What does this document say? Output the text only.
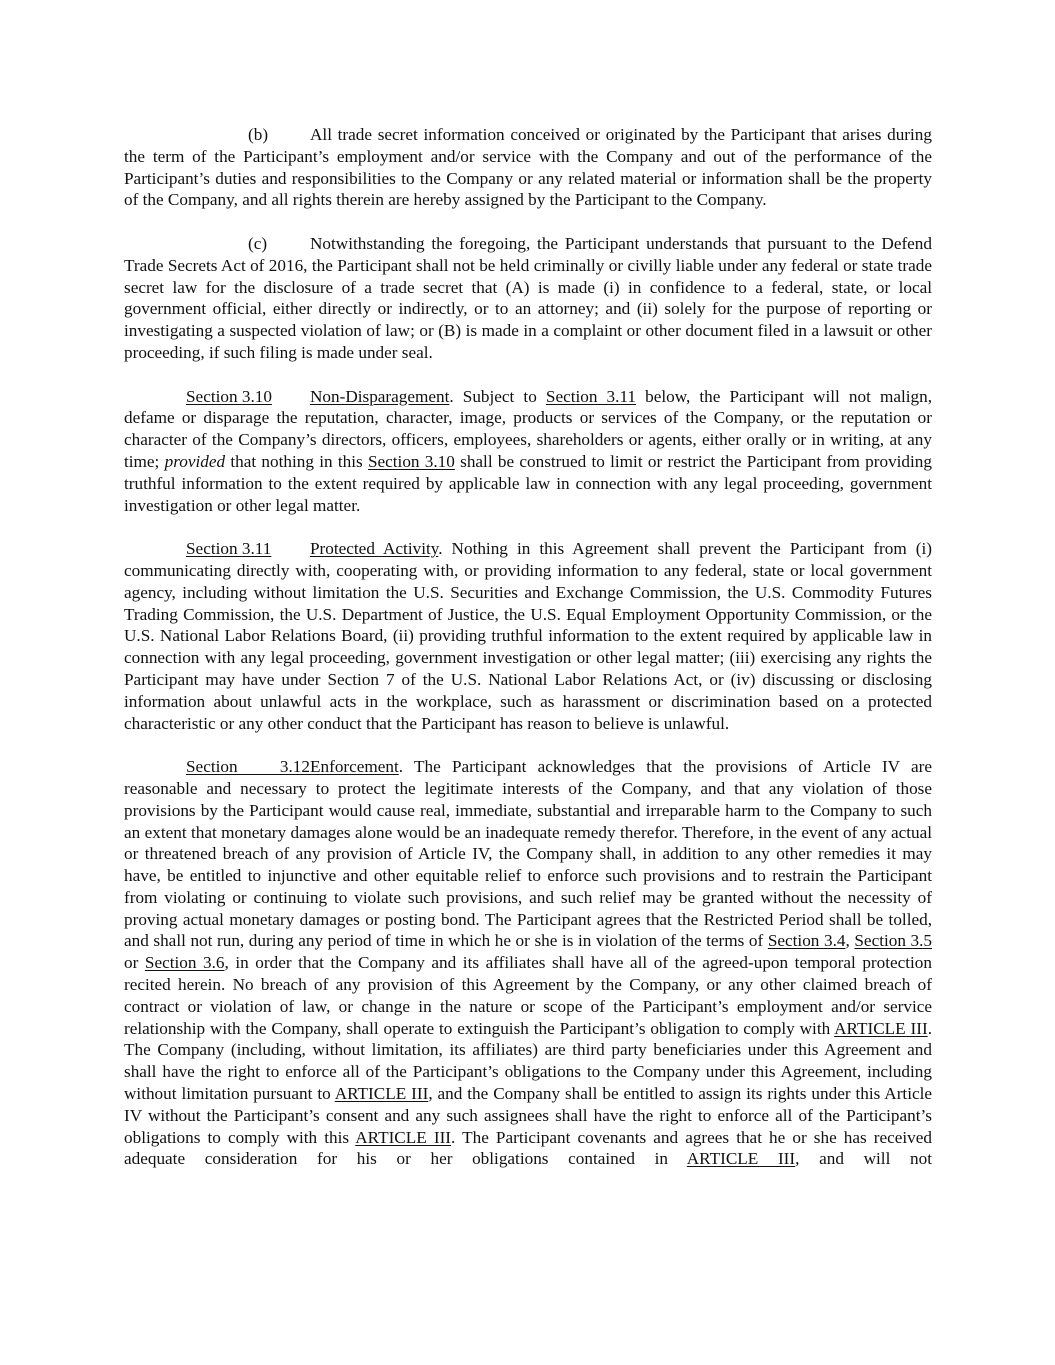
(b) All trade secret information conceived or originated by the Participant that arises during the term of the Participant’s employment and/or service with the Company and out of the performance of the Participant’s duties and responsibilities to the Company or any related material or information shall be the property of the Company, and all rights therein are hereby assigned by the Participant to the Company.

(c) Notwithstanding the foregoing, the Participant understands that pursuant to the Defend Trade Secrets Act of 2016, the Participant shall not be held criminally or civilly liable under any federal or state trade secret law for the disclosure of a trade secret that (A) is made (i) in confidence to a federal, state, or local government official, either directly or indirectly, or to an attorney; and (ii) solely for the purpose of reporting or investigating a suspected violation of law; or (B) is made in a complaint or other document filed in a lawsuit or other proceeding, if such filing is made under seal.

Section 3.10 Non-Disparagement. Subject to Section 3.11 below, the Participant will not malign, defame or disparage the reputation, character, image, products or services of the Company, or the reputation or character of the Company’s directors, officers, employees, shareholders or agents, either orally or in writing, at any time; provided that nothing in this Section 3.10 shall be construed to limit or restrict the Participant from providing truthful information to the extent required by applicable law in connection with any legal proceeding, government investigation or other legal matter.

Section 3.11 Protected Activity. Nothing in this Agreement shall prevent the Participant from (i) communicating directly with, cooperating with, or providing information to any federal, state or local government agency, including without limitation the U.S. Securities and Exchange Commission, the U.S. Commodity Futures Trading Commission, the U.S. Department of Justice, the U.S. Equal Employment Opportunity Commission, or the U.S. National Labor Relations Board, (ii) providing truthful information to the extent required by applicable law in connection with any legal proceeding, government investigation or other legal matter; (iii) exercising any rights the Participant may have under Section 7 of the U.S. National Labor Relations Act, or (iv) discussing or disclosing information about unlawful acts in the workplace, such as harassment or discrimination based on a protected characteristic or any other conduct that the Participant has reason to believe is unlawful.

Section 3.12Enforcement. The Participant acknowledges that the provisions of Article IV are reasonable and necessary to protect the legitimate interests of the Company, and that any violation of those provisions by the Participant would cause real, immediate, substantial and irreparable harm to the Company to such an extent that monetary damages alone would be an inadequate remedy therefor. Therefore, in the event of any actual or threatened breach of any provision of Article IV, the Company shall, in addition to any other remedies it may have, be entitled to injunctive and other equitable relief to enforce such provisions and to restrain the Participant from violating or continuing to violate such provisions, and such relief may be granted without the necessity of proving actual monetary damages or posting bond. The Participant agrees that the Restricted Period shall be tolled, and shall not run, during any period of time in which he or she is in violation of the terms of Section 3.4, Section 3.5 or Section 3.6, in order that the Company and its affiliates shall have all of the agreed-upon temporal protection recited herein. No breach of any provision of this Agreement by the Company, or any other claimed breach of contract or violation of law, or change in the nature or scope of the Participant’s employment and/or service relationship with the Company, shall operate to extinguish the Participant’s obligation to comply with ARTICLE III. The Company (including, without limitation, its affiliates) are third party beneficiaries under this Agreement and shall have the right to enforce all of the Participant’s obligations to the Company under this Agreement, including without limitation pursuant to ARTICLE III, and the Company shall be entitled to assign its rights under this Article IV without the Participant’s consent and any such assignees shall have the right to enforce all of the Participant’s obligations to comply with this ARTICLE III. The Participant covenants and agrees that he or she has received adequate consideration for his or her obligations contained in ARTICLE III, and will not
